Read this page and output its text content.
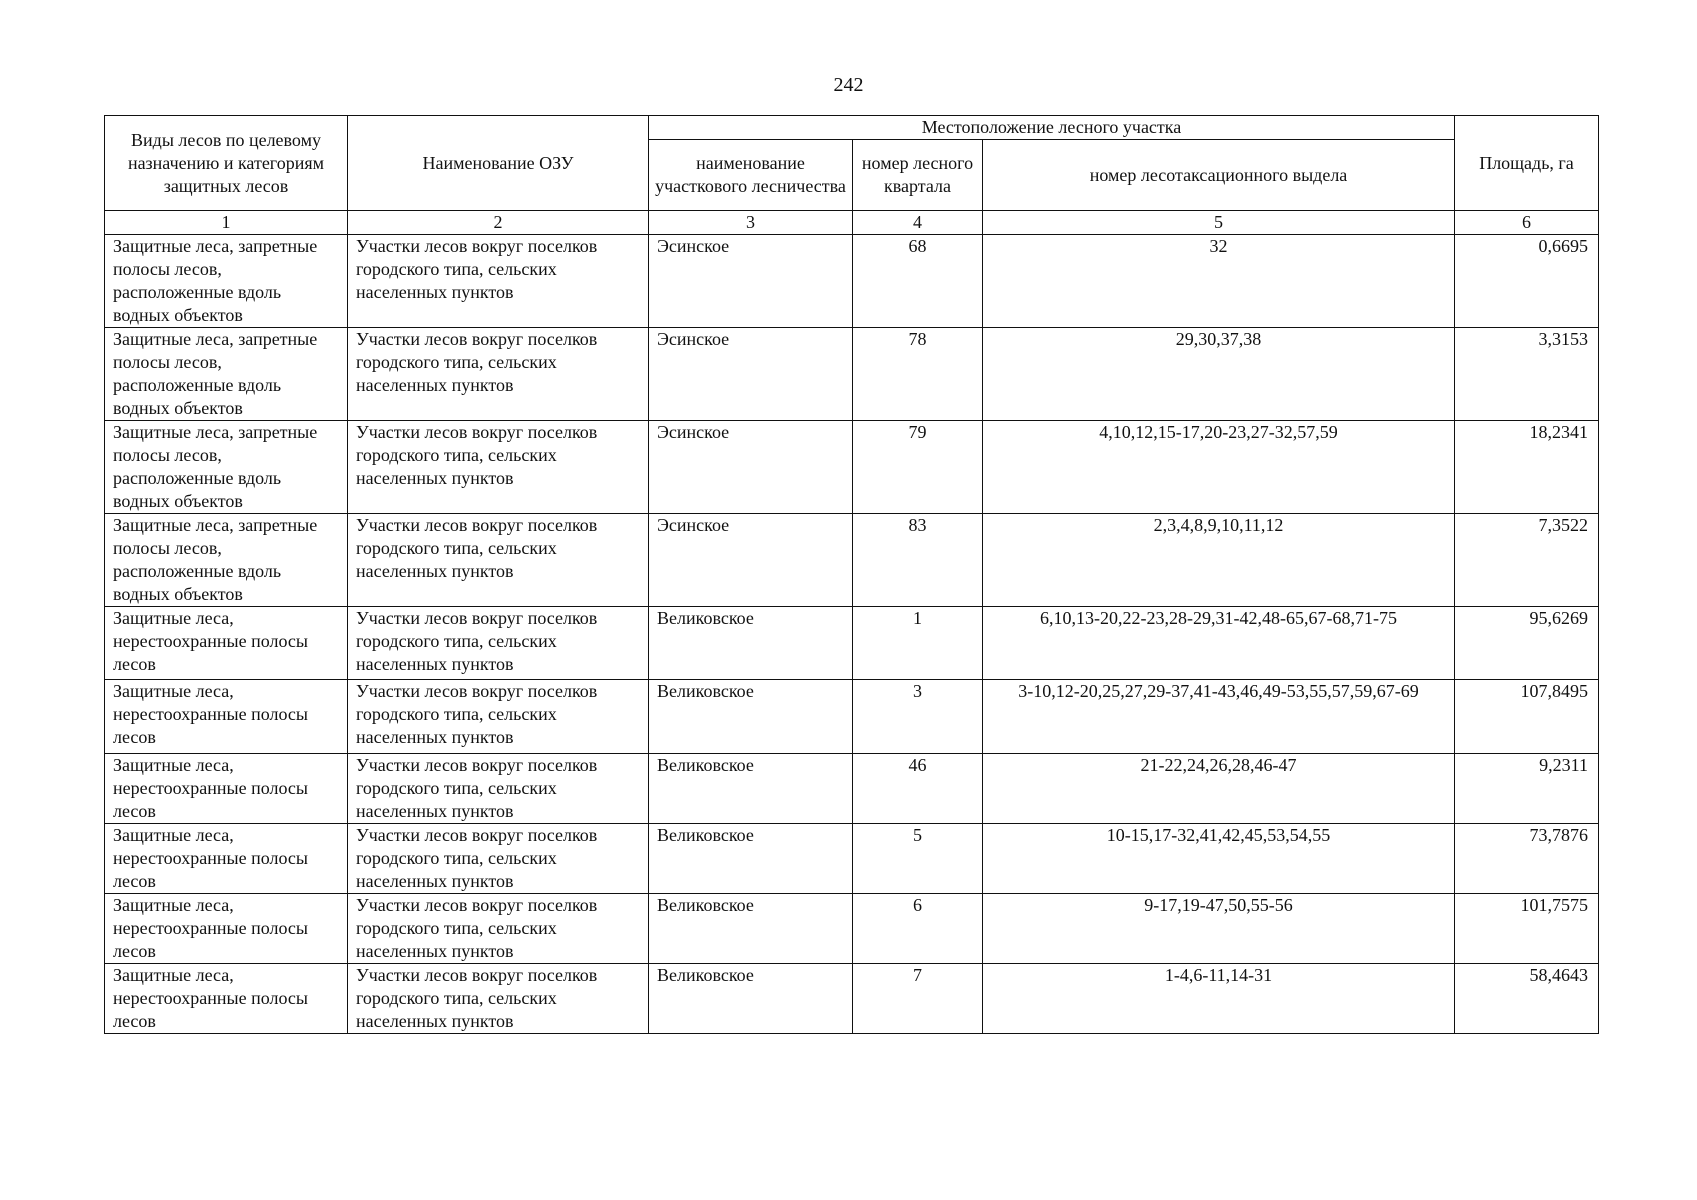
242
Виды лесов по целевому назначению и категориям защитных лесов	Наименование ОЗУ	Местоположение лесного участка			Площадь, га
		наименование участкового лесничества	номер лесного квартала	номер лесотаксационного выдела	
1	2	3	4	5	6
Защитные леса, запретные полосы лесов, расположенные вдоль водных объектов	Участки лесов вокруг поселков городского типа, сельских населенных пунктов	Эсинское	68	32	0,6695
Защитные леса, запретные полосы лесов, расположенные вдоль водных объектов	Участки лесов вокруг поселков городского типа, сельских населенных пунктов	Эсинское	78	29,30,37,38	3,3153
Защитные леса, запретные полосы лесов, расположенные вдоль водных объектов	Участки лесов вокруг поселков городского типа, сельских населенных пунктов	Эсинское	79	4,10,12,15-17,20-23,27-32,57,59	18,2341
Защитные леса, запретные полосы лесов, расположенные вдоль водных объектов	Участки лесов вокруг поселков городского типа, сельских населенных пунктов	Эсинское	83	2,3,4,8,9,10,11,12	7,3522
Защитные леса, нерестоохранные полосы лесов	Участки лесов вокруг поселков городского типа, сельских населенных пунктов	Великовское	1	6,10,13-20,22-23,28-29,31-42,48-65,67-68,71-75	95,6269
Защитные леса, нерестоохранные полосы лесов	Участки лесов вокруг поселков городского типа, сельских населенных пунктов	Великовское	3	3-10,12-20,25,27,29-37,41-43,46,49-53,55,57,59,67-69	107,8495
Защитные леса, нерестоохранные полосы лесов	Участки лесов вокруг поселков городского типа, сельских населенных пунктов	Великовское	46	21-22,24,26,28,46-47	9,2311
Защитные леса, нерестоохранные полосы лесов	Участки лесов вокруг поселков городского типа, сельских населенных пунктов	Великовское	5	10-15,17-32,41,42,45,53,54,55	73,7876
Защитные леса, нерестоохранные полосы лесов	Участки лесов вокруг поселков городского типа, сельских населенных пунктов	Великовское	6	9-17,19-47,50,55-56	101,7575
Защитные леса, нерестоохранные полосы лесов	Участки лесов вокруг поселков городского типа, сельских населенных пунктов	Великовское	7	1-4,6-11,14-31	58,4643
